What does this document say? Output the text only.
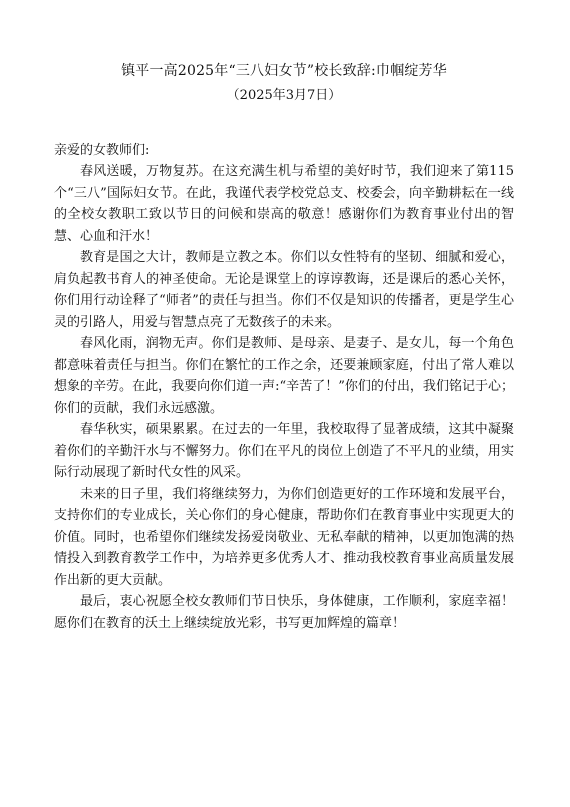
镇平一高2025年“三八妇女节”校长致辞:巾帼绽芳华
（2025年3月7日）
亲爱的女教师们:

春风送暖，万物复苏。在这充满生机与希望的美好时节，我们迎来了第115个“三八”国际妇女节。在此，我谨代表学校党总支、校委会，向辛勤耕耘在一线的全校女教职工致以节日的问候和崇高的敬意！感谢你们为教育事业付出的智慧、心血和汗水！

教育是国之大计，教师是立教之本。你们以女性特有的坚韧、细腻和爱心，肩负起教书育人的神圣使命。无论是课堂上的谆谆教诲，还是课后的悉心关怀，你们用行动诠释了“师者”的责任与担当。你们不仅是知识的传播者，更是学生心灵的引路人，用爱与智慧点亮了无数孩子的未来。

春风化雨，润物无声。你们是教师、是母亲、是妻子、是女儿，每一个角色都意味着责任与担当。你们在繁忙的工作之余，还要兼顾家庭，付出了常人难以想象的辛劳。在此，我要向你们道一声:“辛苦了！”你们的付出，我们铭记于心；你们的贡献，我们永远感激。

春华秋实，硕果累累。在过去的一年里，我校取得了显著成绩，这其中凝聚着你们的辛勤汗水与不懈努力。你们在平凡的岗位上创造了不平凡的业绩，用实际行动展现了新时代女性的风采。

未来的日子里，我们将继续努力，为你们创造更好的工作环境和发展平台，支持你们的专业成长，关心你们的身心健康，帮助你们在教育事业中实现更大的价值。同时，也希望你们继续发扬爱岗敬业、无私奉献的精神，以更加饱满的热情投入到教育教学工作中，为培养更多优秀人才、推动我校教育事业高质量发展作出新的更大贡献。

最后，衷心祝愿全校女教师们节日快乐，身体健康，工作顺利，家庭幸福！愿你们在教育的沃土上继续绽放光彩，书写更加辉煌的篇章！
